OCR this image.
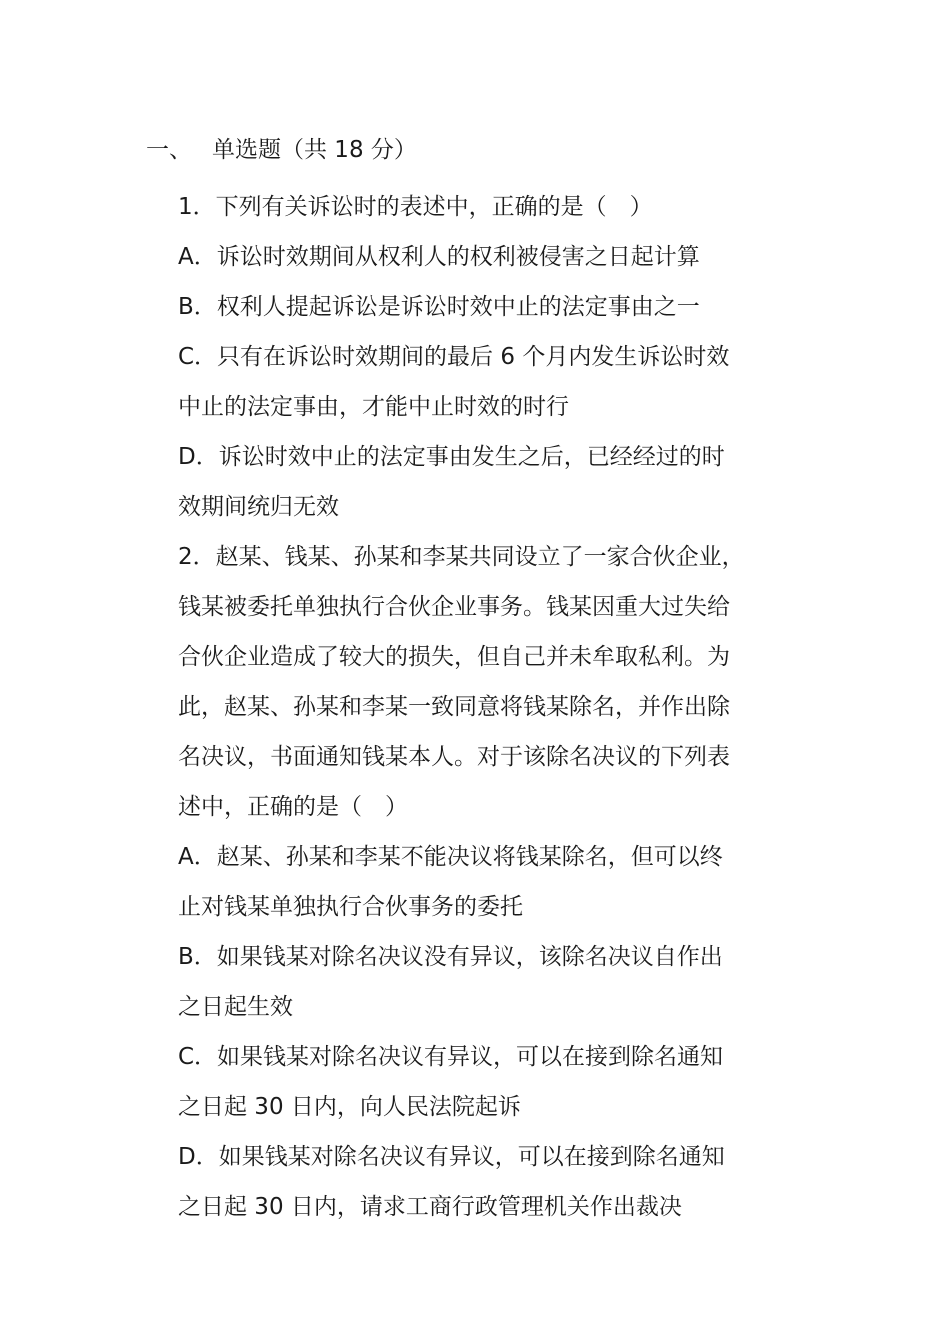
一、 单选题（共 18 分）
1．下列有关诉讼时的表述中，正确的是（　）
A．诉讼时效期间从权利人的权利被侵害之日起计算
B．权利人提起诉讼是诉讼时效中止的法定事由之一
C．只有在诉讼时效期间的最后 6 个月内发生诉讼时效
中止的法定事由，才能中止时效的时行
D．诉讼时效中止的法定事由发生之后，已经经过的时
效期间统归无效
2．赵某、钱某、孙某和李某共同设立了一家合伙企业，
钱某被委托单独执行合伙企业事务。钱某因重大过失给
合伙企业造成了较大的损失，但自己并未牟取私利。为
此，赵某、孙某和李某一致同意将钱某除名，并作出除
名决议，书面通知钱某本人。对于该除名决议的下列表
述中，正确的是（　）
A．赵某、孙某和李某不能决议将钱某除名，但可以终
止对钱某单独执行合伙事务的委托
B．如果钱某对除名决议没有异议，该除名决议自作出
之日起生效
C．如果钱某对除名决议有异议，可以在接到除名通知
之日起 30 日内，向人民法院起诉
D．如果钱某对除名决议有异议，可以在接到除名通知
之日起 30 日内，请求工商行政管理机关作出裁决
